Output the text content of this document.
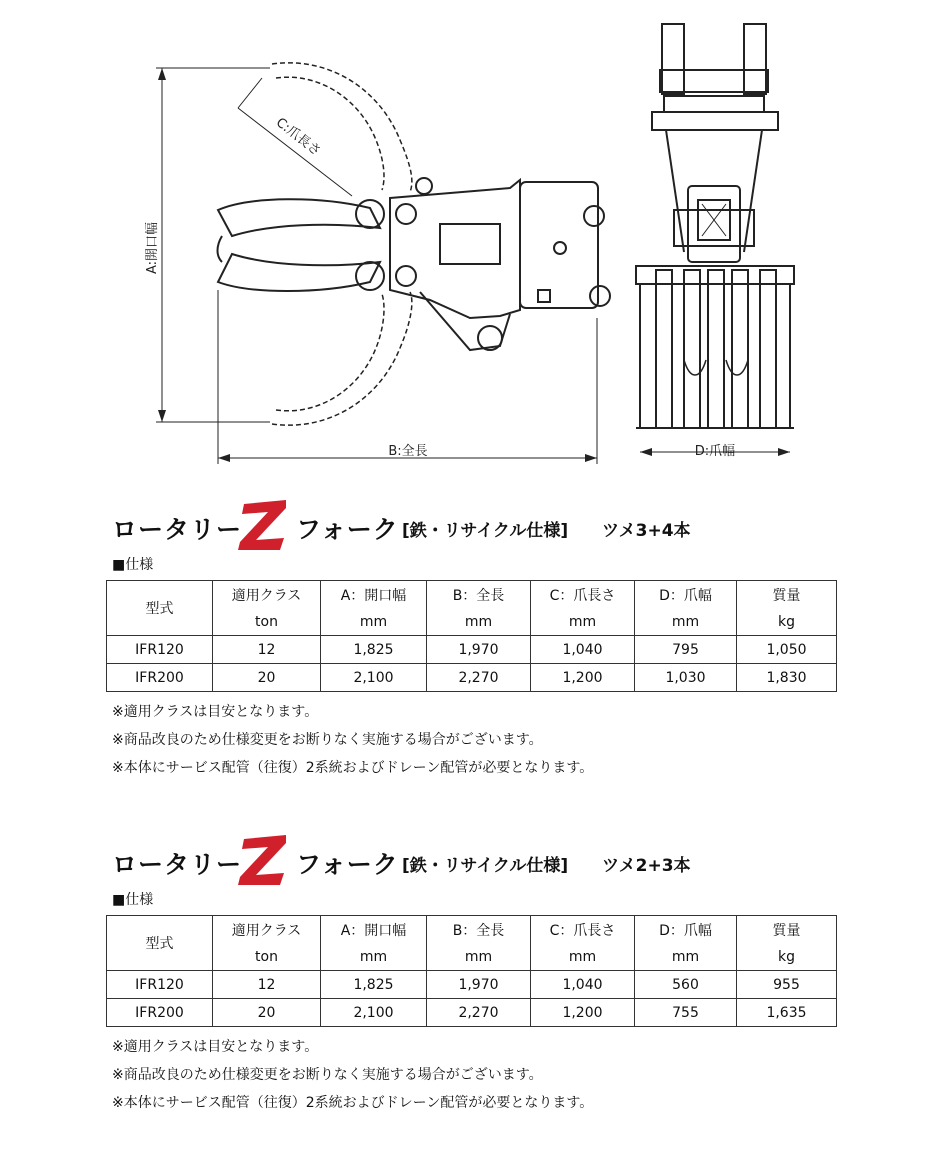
A:開口幅
C:爪長さ
B:全長	D:爪幅
ロータリー フォーク [鉄・リサイクル仕様] ツメ3+4本
■仕様
型式	適用クラス	A：開口幅	B：全長	C：爪長さ	D：爪幅	質量
	ton	mm	mm	mm	mm	kg
IFR120	12	1,825	1,970	1,040	795	1,050
IFR200	20	2,100	2,270	1,200	1,030	1,830
※適用クラスは目安となります。
※商品改良のため仕様変更をお断りなく実施する場合がございます。
※本体にサービス配管（往復）2系統およびドレーン配管が必要となります。
ロータリー フォーク [鉄・リサイクル仕様] ツメ2+3本
■仕様
型式	適用クラス	A：開口幅	B：全長	C：爪長さ	D：爪幅	質量
	ton	mm	mm	mm	mm	kg
IFR120	12	1,825	1,970	1,040	560	955
IFR200	20	2,100	2,270	1,200	755	1,635
※適用クラスは目安となります。
※商品改良のため仕様変更をお断りなく実施する場合がございます。
※本体にサービス配管（往復）2系統およびドレーン配管が必要となります。
